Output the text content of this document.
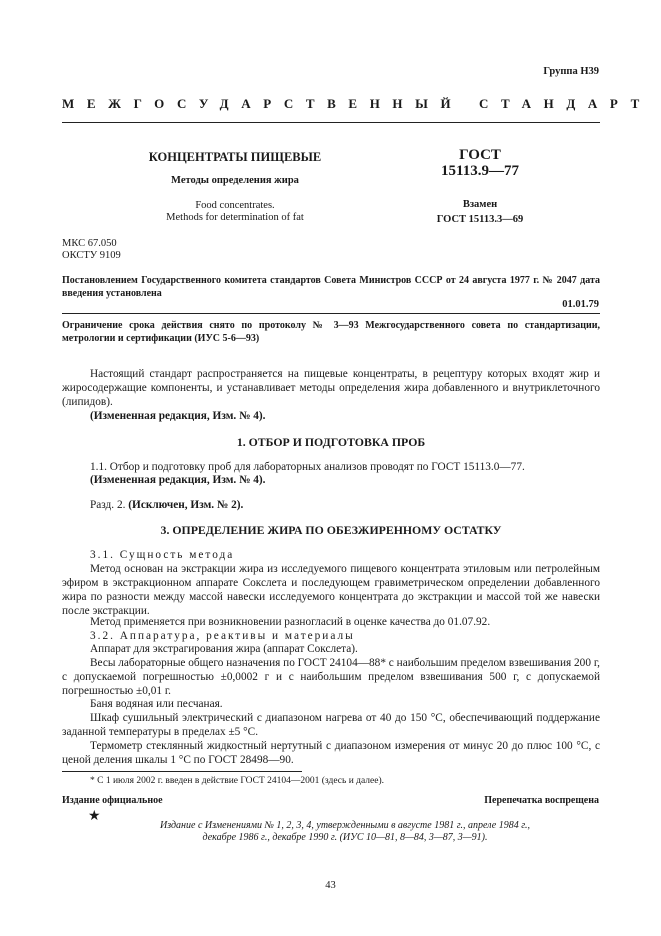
Группа Н39
МЕЖГОСУДАРСТВЕННЫЙ СТАНДАРТ
КОНЦЕНТРАТЫ ПИЩЕВЫЕ
Методы определения жира
Food concentrates.
Methods for determination of fat
ГОСТ
15113.9—77
Взамен
ГОСТ 15113.3—69
МКС 67.050
ОКСТУ 9109
Постановлением Государственного комитета стандартов Совета Министров СССР от 24 августа 1977 г. № 2047 дата введения установлена
01.01.79
Ограничение срока действия снято по протоколу № 3—93 Межгосударственного совета по стандартизации, метрологии и сертификации (ИУС 5-6—93)
Настоящий стандарт распространяется на пищевые концентраты, в рецептуру которых входят жир и жиросодержащие компоненты, и устанавливает методы определения жира добавленного и внутриклеточного (липидов).
(Измененная редакция, Изм. № 4).
1. ОТБОР И ПОДГОТОВКА ПРОБ
1.1. Отбор и подготовку проб для лабораторных анализов проводят по ГОСТ 15113.0—77.
(Измененная редакция, Изм. № 4).
Разд. 2. (Исключен, Изм. № 2).
3. ОПРЕДЕЛЕНИЕ ЖИРА ПО ОБЕЗЖИРЕННОМУ ОСТАТКУ
3.1. Сущность метода
Метод основан на экстракции жира из исследуемого пищевого концентрата этиловым или петролейным эфиром в экстракционном аппарате Сокслета и последующем гравиметрическом определении добавленного жира по разности между массой навески исследуемого концентрата до экстракции и массой той же навески после экстракции.
Метод применяется при возникновении разногласий в оценке качества до 01.07.92.
3.2. Аппаратура, реактивы и материалы
Аппарат для экстрагирования жира (аппарат Сокслета).
Весы лабораторные общего назначения по ГОСТ 24104—88* с наибольшим пределом взвешивания 200 г, с допускаемой погрешностью ±0,0002 г и с наибольшим пределом взвешивания 500 г, с допускаемой погрешностью ±0,01 г.
Баня водяная или песчаная.
Шкаф сушильный электрический с диапазоном нагрева от 40 до 150 °С, обеспечивающий поддержание заданной температуры в пределах ±5 °С.
Термометр стеклянный жидкостный нертутный с диапазоном измерения от минус 20 до плюс 100 °С, с ценой деления шкалы 1 °С по ГОСТ 28498—90.
* С 1 июля 2002 г. введен в действие ГОСТ 24104—2001 (здесь и далее).
Издание официальное	Перепечатка воспрещена
★
Издание с Изменениями № 1, 2, 3, 4, утвержденными в августе 1981 г., апреле 1984 г.,
декабре 1986 г., декабре 1990 г. (ИУС 10—81, 8—84, 3—87, 3—91).
43
